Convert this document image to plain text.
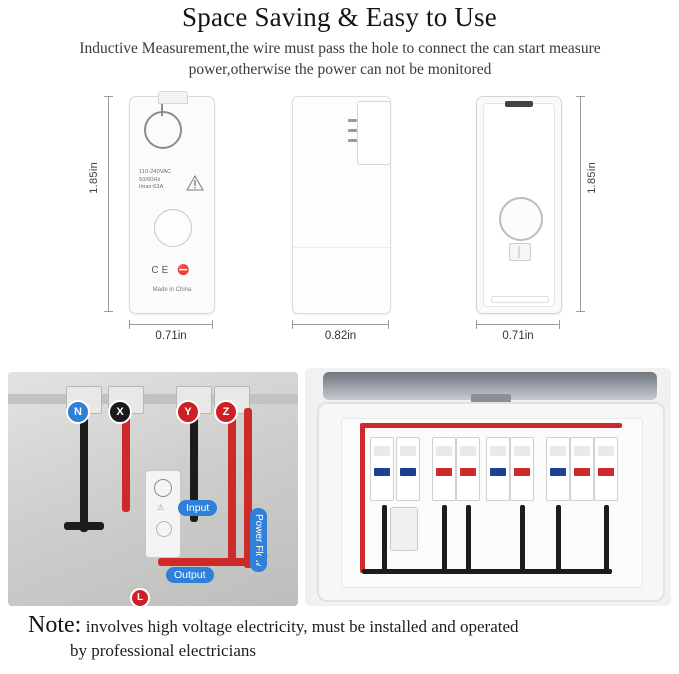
Space Saving & Easy to Use
Inductive Measurement,the wire must pass the hole to connect the can start measure power,otherwise the power can not be monitored
1.85in	110-240VAC
50/60Hz
Imax:63A
CE ⛔
Made in China
0.71in	0.82in
1.85in
0.71in
N	X	Y	Z
⚠	Input
Output
Power Flow
L
Note: involves high voltage electricity, must be installed and operated
by professional electricians
